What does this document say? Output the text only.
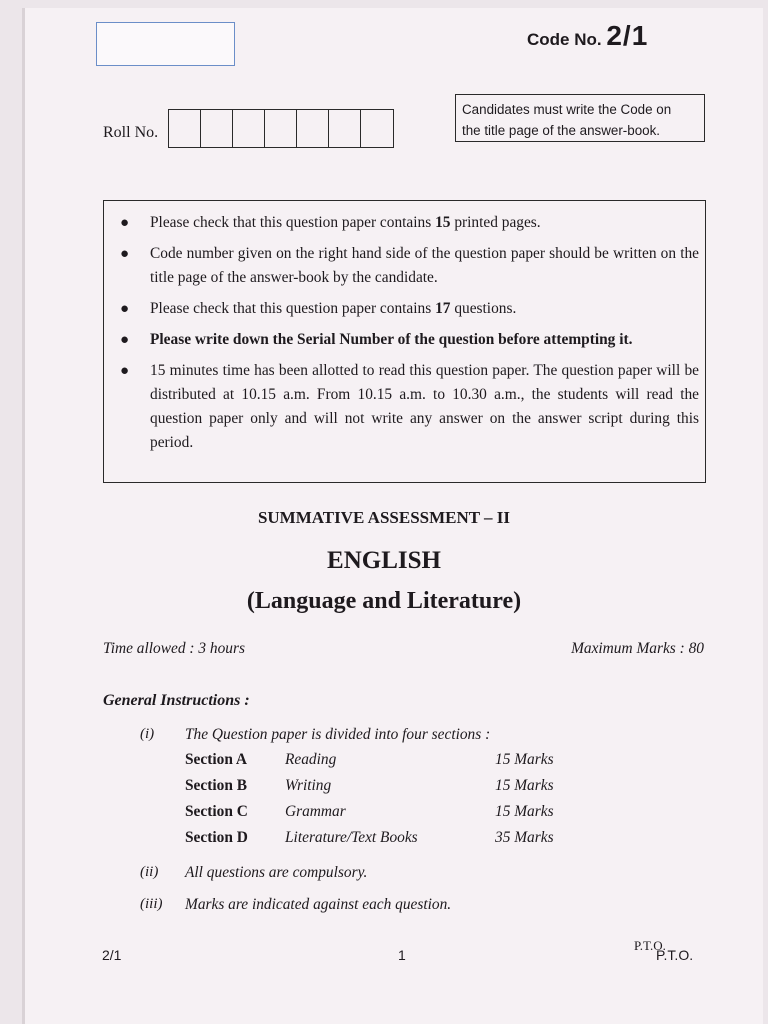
Code No. 2/1
Roll No.
Candidates must write the Code on
the title page of the answer-book.
● Please check that this question paper contains 15 printed pages.
● Code number given on the right hand side of the question paper should be written on the title page of the answer-book by the candidate.
● Please check that this question paper contains 17 questions.
● Please write down the Serial Number of the question before attempting it.
● 15 minutes time has been allotted to read this question paper. The question paper will be distributed at 10.15 a.m. From 10.15 a.m. to 10.30 a.m., the students will read the question paper only and will not write any answer on the answer script during this period.
SUMMATIVE ASSESSMENT – II
ENGLISH
(Language and Literature)
Time allowed : 3 hours	Maximum Marks : 80
General Instructions :
(i) The Question paper is divided into four sections :
Section A Reading	15 Marks
Section B Writing	15 Marks
Section C Grammar	15 Marks
Section D Literature/Text Books	35 Marks
(ii) All questions are compulsory.
(iii) Marks are indicated against each question.
2/1	1
P.T.O.
P.T.O.
